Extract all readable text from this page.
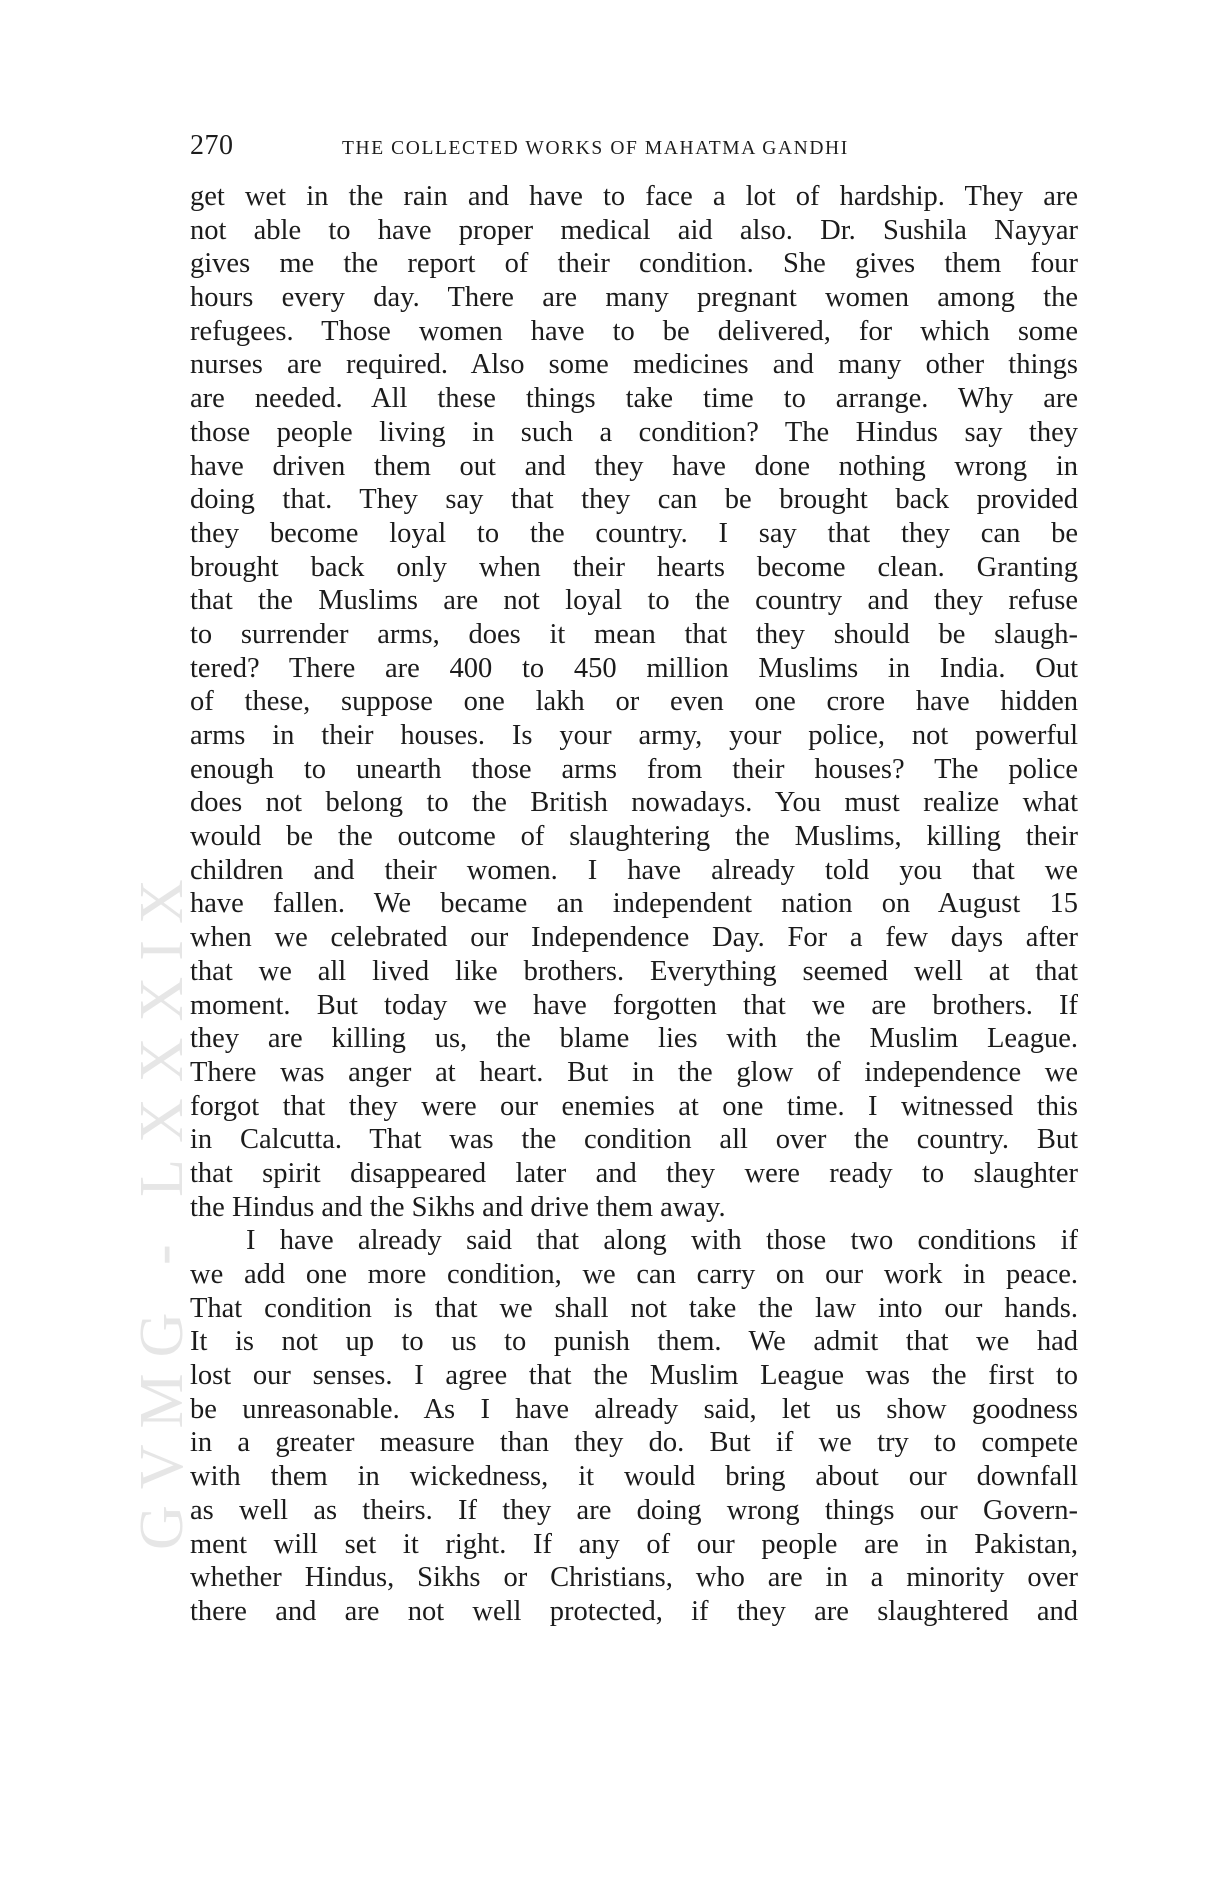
GVMG - LXXXIX
270	THE COLLECTED WORKS OF MAHATMA GANDHI
get wet in the rain and have to face a lot of hardship. They are
not able to have proper medical aid also. Dr. Sushila Nayyar
gives me the report of their condition. She gives them four
hours every day. There are many pregnant women among the
refugees. Those women have to be delivered, for which some
nurses are required. Also some medicines and many other things
are needed. All these things take time to arrange. Why are
those people living in such a condition? The Hindus say they
have driven them out and they have done nothing wrong in
doing that. They say that they can be brought back provided
they become loyal to the country. I say that they can be
brought back only when their hearts become clean. Granting
that the Muslims are not loyal to the country and they refuse
to surrender arms, does it mean that they should be slaugh-
tered? There are 400 to 450 million Muslims in India. Out
of these, suppose one lakh or even one crore have hidden
arms in their houses. Is your army, your police, not powerful
enough to unearth those arms from their houses? The police
does not belong to the British nowadays. You must realize what
would be the outcome of slaughtering the Muslims, killing their
children and their women. I have already told you that we
have fallen. We became an independent nation on August 15
when we celebrated our Independence Day. For a few days after
that we all lived like brothers. Everything seemed well at that
moment. But today we have forgotten that we are brothers. If
they are killing us, the blame lies with the Muslim League.
There was anger at heart. But in the glow of independence we
forgot that they were our enemies at one time. I witnessed this
in Calcutta. That was the condition all over the country. But
that spirit disappeared later and they were ready to slaughter
the Hindus and the Sikhs and drive them away.
I have already said that along with those two conditions if
we add one more condition, we can carry on our work in peace.
That condition is that we shall not take the law into our hands.
It is not up to us to punish them. We admit that we had
lost our senses. I agree that the Muslim League was the first to
be unreasonable. As I have already said, let us show goodness
in a greater measure than they do. But if we try to compete
with them in wickedness, it would bring about our downfall
as well as theirs. If they are doing wrong things our Govern-
ment will set it right. If any of our people are in Pakistan,
whether Hindus, Sikhs or Christians, who are in a minority over
there and are not well protected, if they are slaughtered and
